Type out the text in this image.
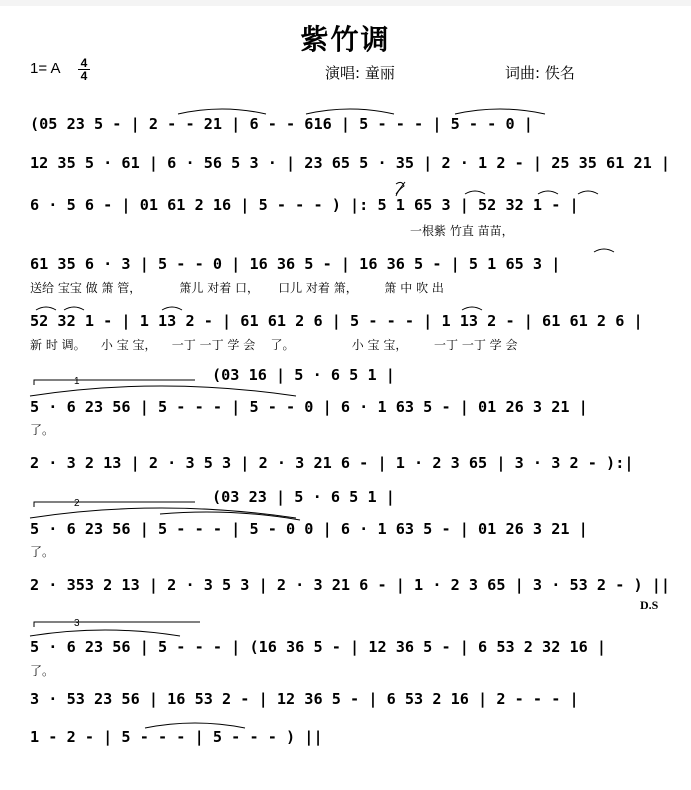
紫竹调
1= A 4
4	演唱: 童丽	词曲: 佚名
(05 23 5 - | 2 - - 21 | 6 - - 616 | 5 - - - | 5 - - 0 |
12 35 5 · 61 | 6 · 56 5 3 · | 23 65 5 · 35 | 2 · 1 2 - | 25 35 61 21 |
6 · 5 6 - | 01 61 2 16 | 5 - - - ) |: 5 1 65 3 | 52 32 1 - |
一根紫 竹直 苗苗，
61 35 6 · 3 | 5 - - 0 | 16 36 5 - | 16 36 5 - | 5 1 65 3 |
送给 宝宝 做 箫 管，          箫儿 对着 口，     口儿 对着 箫，       箫 中 吹 出
52 32 1 - | 1 13 2 - | 61 61 2 6 | 5 - - - | 1 13 2 - | 61 61 2 6 |
新 时 调。    小 宝 宝，    一丁 一丁 学 会    了。               小 宝 宝，       一丁 一丁 学 会
(03 16 | 5 · 6 5 1 |
5 · 6 23 56 | 5 - - - | 5 - - 0 | 6 · 1 63 5 - | 01 26 3 21 |
了。
2 · 3 2 13 | 2 · 3 5 3 | 2 · 3 21 6 - | 1 · 2 3 65 | 3 · 3 2 - ):|
(03 23 | 5 · 6 5 1 |
5 · 6 23 56 | 5 - - - | 5 - 0 0 | 6 · 1 63 5 - | 01 26 3 21 |
了。
2 · 353 2 13 | 2 · 3 5 3 | 2 · 3 21 6 - | 1 · 2 3 65 | 3 · 53 2 - ) ||
D.S
5 · 6 23 56 | 5 - - - | (16 36 5 - | 12 36 5 - | 6 53 2 32 16 |
了。
3 · 53 23 56 | 16 53 2 - | 12 36 5 - | 6 53 2 16 | 2 - - - |
1 - 2 - | 5 - - - | 5 - - - ) ||
1
2
3
